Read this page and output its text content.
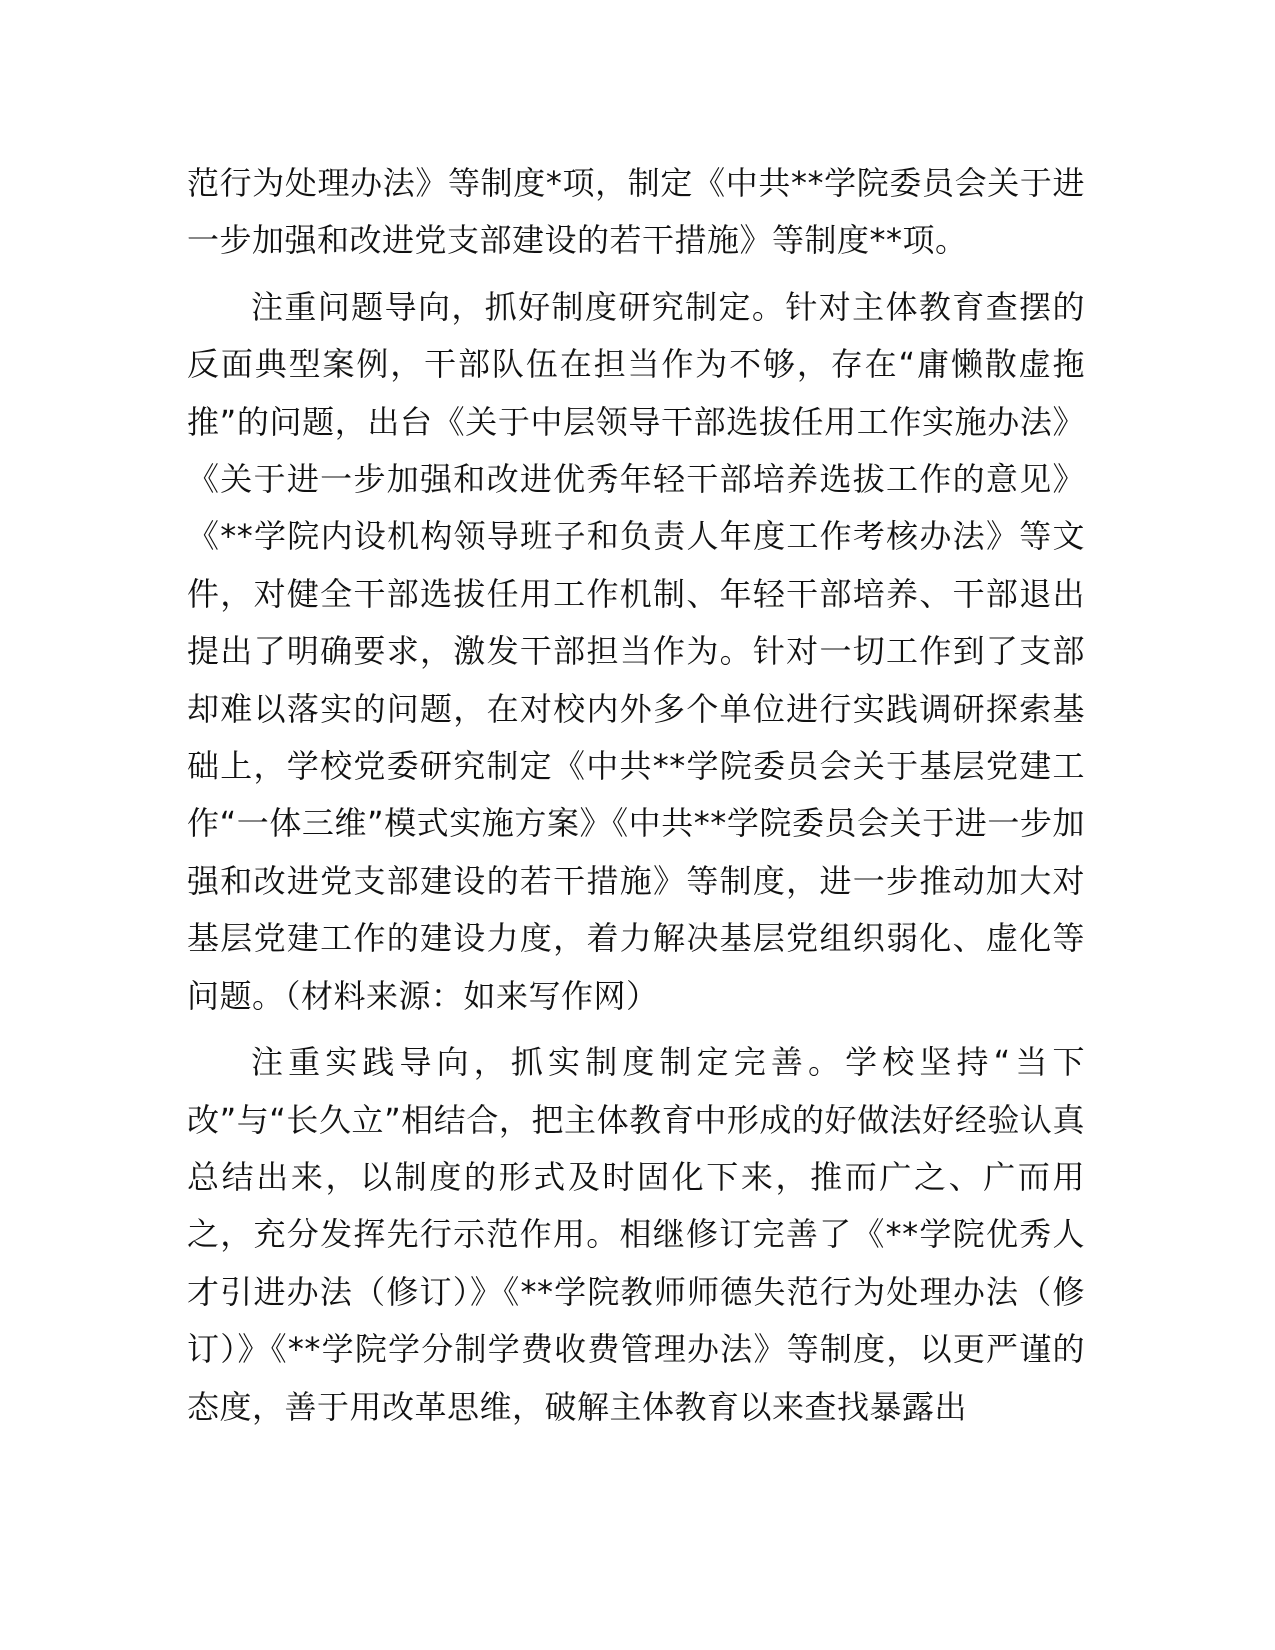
范行为处理办法》等制度*项，制定《中共**学院委员会关于进一步加强和改进党支部建设的若干措施》等制度**项。

注重问题导向，抓好制度研究制定。针对主体教育查摆的反面典型案例，干部队伍在担当作为不够，存在“庸懒散虚拖推”的问题，出台《关于中层领导干部选拔任用工作实施办法》《关于进一步加强和改进优秀年轻干部培养选拔工作的意见》《**学院内设机构领导班子和负责人年度工作考核办法》等文件，对健全干部选拔任用工作机制、年轻干部培养、干部退出提出了明确要求，激发干部担当作为。针对一切工作到了支部却难以落实的问题，在对校内外多个单位进行实践调研探索基础上，学校党委研究制定《中共**学院委员会关于基层党建工作“一体三维”模式实施方案》《中共**学院委员会关于进一步加强和改进党支部建设的若干措施》等制度，进一步推动加大对基层党建工作的建设力度，着力解决基层党组织弱化、虚化等问题。（材料来源：如来写作网）

注重实践导向，抓实制度制定完善。学校坚持“当下改”与“长久立”相结合，把主体教育中形成的好做法好经验认真总结出来，以制度的形式及时固化下来，推而广之、广而用之，充分发挥先行示范作用。相继修订完善了《**学院优秀人才引进办法（修订）》《**学院教师师德失范行为处理办法（修订）》《**学院学分制学费收费管理办法》等制度，以更严谨的态度，善于用改革思维，破解主体教育以来查找暴露出
